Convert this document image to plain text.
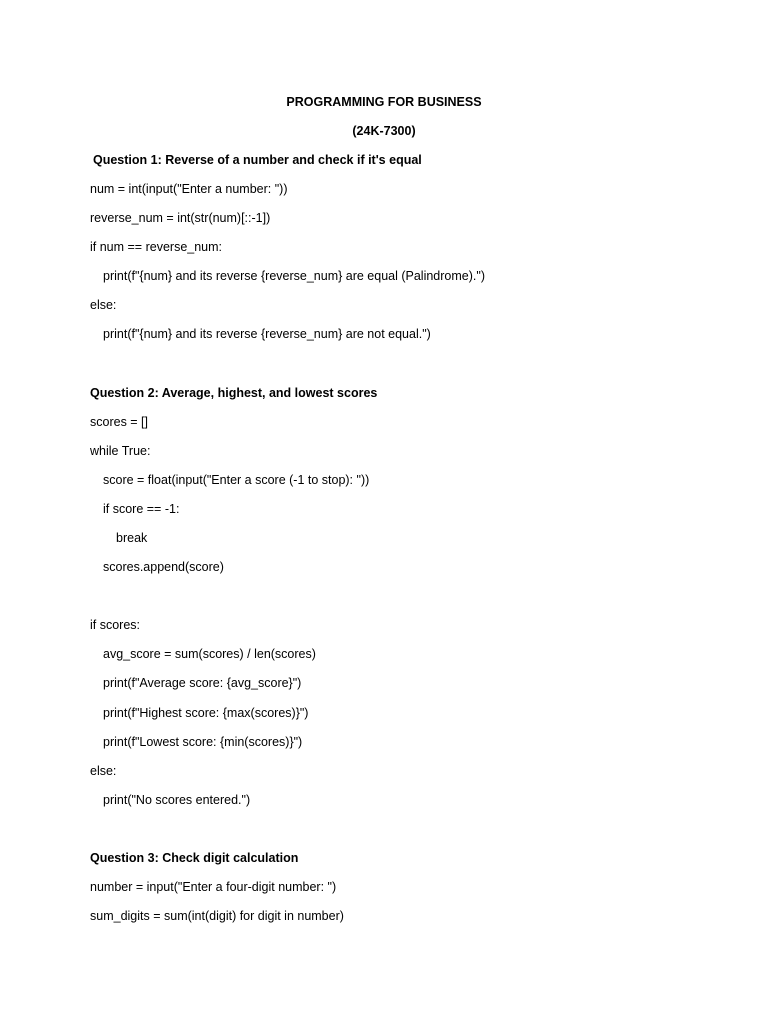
PROGRAMMING FOR BUSINESS
(24K-7300)
Question 1: Reverse of a number and check if it's equal
num = int(input("Enter a number: "))
reverse_num = int(str(num)[::-1])
if num == reverse_num:
print(f"{num} and its reverse {reverse_num} are equal (Palindrome).")
else:
print(f"{num} and its reverse {reverse_num} are not equal.")
Question 2: Average, highest, and lowest scores
scores = []
while True:
score = float(input("Enter a score (-1 to stop): "))
if score == -1:
break
scores.append(score)
if scores:
avg_score = sum(scores) / len(scores)
print(f"Average score: {avg_score}")
print(f"Highest score: {max(scores)}")
print(f"Lowest score: {min(scores)}")
else:
print("No scores entered.")
Question 3: Check digit calculation
number = input("Enter a four-digit number: ")
sum_digits = sum(int(digit) for digit in number)
